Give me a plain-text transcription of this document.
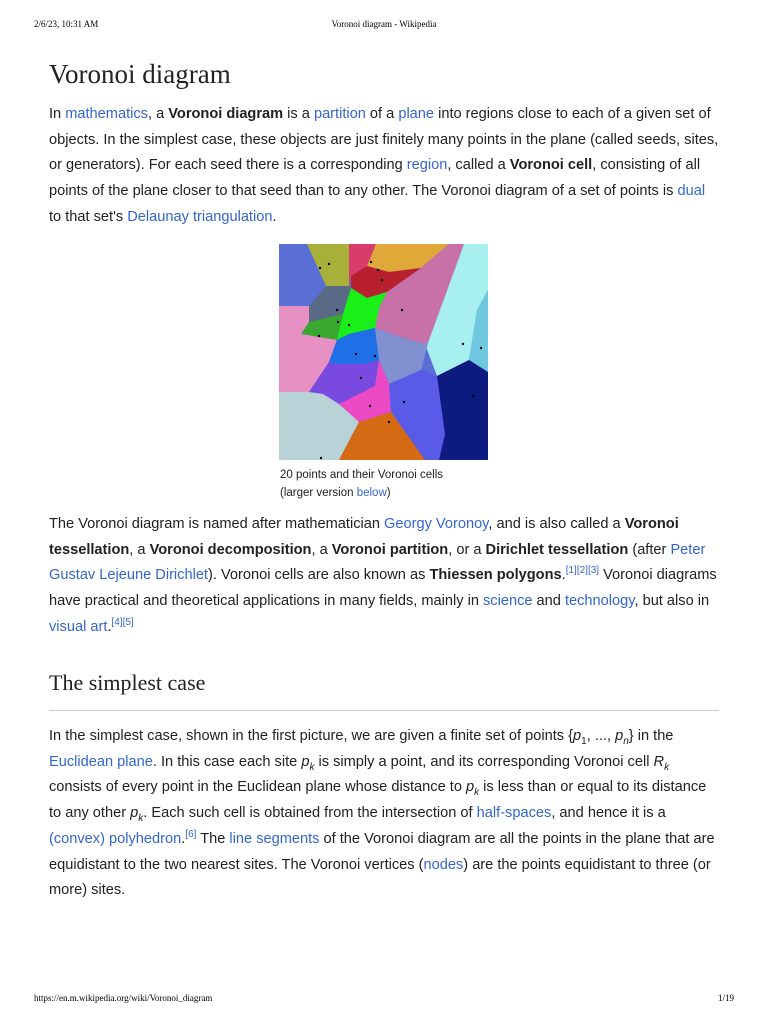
2/6/23, 10:31 AM	Voronoi diagram - Wikipedia
Voronoi diagram

In mathematics, a Voronoi diagram is a partition of a plane into regions close to each of a given set of objects. In the simplest case, these objects are just finitely many points in the plane (called seeds, sites, or generators). For each seed there is a corresponding region, called a Voronoi cell, consisting of all points of the plane closer to that seed than to any other. The Voronoi diagram of a set of points is dual to that set's Delaunay triangulation.

20 points and their Voronoi cells
(larger version below)

The Voronoi diagram is named after mathematician Georgy Voronoy, and is also called a Voronoi tessellation, a Voronoi decomposition, a Voronoi partition, or a Dirichlet tessellation (after Peter Gustav Lejeune Dirichlet). Voronoi cells are also known as Thiessen polygons.[1][2][3] Voronoi diagrams have practical and theoretical applications in many fields, mainly in science and technology, but also in visual art.[4][5]

The simplest case

In the simplest case, shown in the first picture, we are given a finite set of points {$p_1$, ..., $p_n$} in the Euclidean plane. In this case each site $p_k$ is simply a point, and its corresponding Voronoi cell $R_k$ consists of every point in the Euclidean plane whose distance to $p_k$ is less than or equal to its distance to any other $p_k$. Each such cell is obtained from the intersection of half-spaces, and hence it is a (convex) polyhedron.[6] The line segments of the Voronoi diagram are all the points in the plane that are equidistant to the two nearest sites. The Voronoi vertices (nodes) are the points equidistant to three (or more) sites.

https://en.m.wikipedia.org/wiki/Voronoi_diagram	1/19
